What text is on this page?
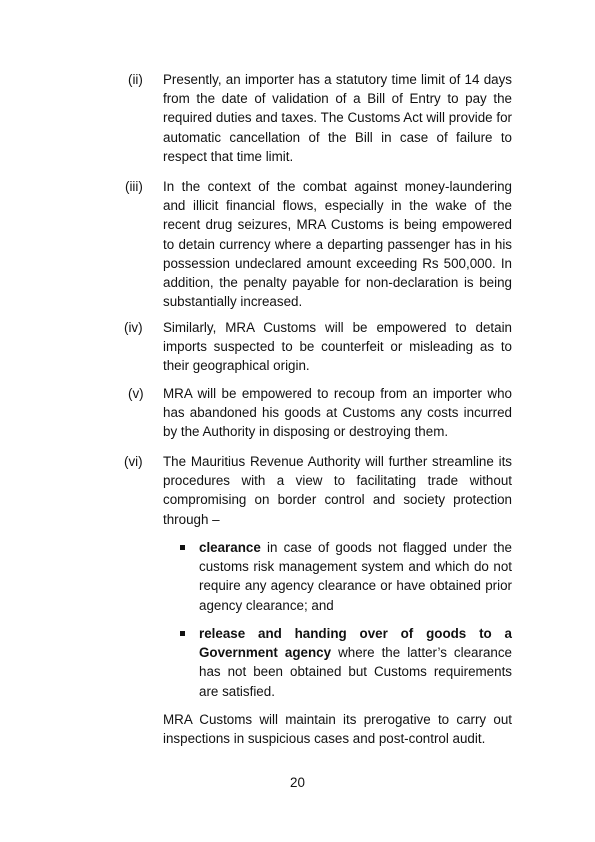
(ii)	Presently, an importer has a statutory time limit of 14 days from the date of validation of a Bill of Entry to pay the required duties and taxes. The Customs Act will provide for automatic cancellation of the Bill in case of failure to respect that time limit.
(iii)	In the context of the combat against money-laundering and illicit financial flows, especially in the wake of the recent drug seizures, MRA Customs is being empowered to detain currency where a departing passenger has in his possession undeclared amount exceeding Rs 500,000. In addition, the penalty payable for non-declaration is being substantially increased.
(iv)	Similarly, MRA Customs will be empowered to detain imports suspected to be counterfeit or misleading as to their geographical origin.
(v)	MRA will be empowered to recoup from an importer who has abandoned his goods at Customs any costs incurred by the Authority in disposing or destroying them.
(vi)	The Mauritius Revenue Authority will further streamline its procedures with a view to facilitating trade without compromising on border control and society protection through –
clearance in case of goods not flagged under the customs risk management system and which do not require any agency clearance or have obtained prior agency clearance; and
release and handing over of goods to a Government agency where the latter’s clearance has not been obtained but Customs requirements are satisfied.
MRA Customs will maintain its prerogative to carry out inspections in suspicious cases and post-control audit.
20
